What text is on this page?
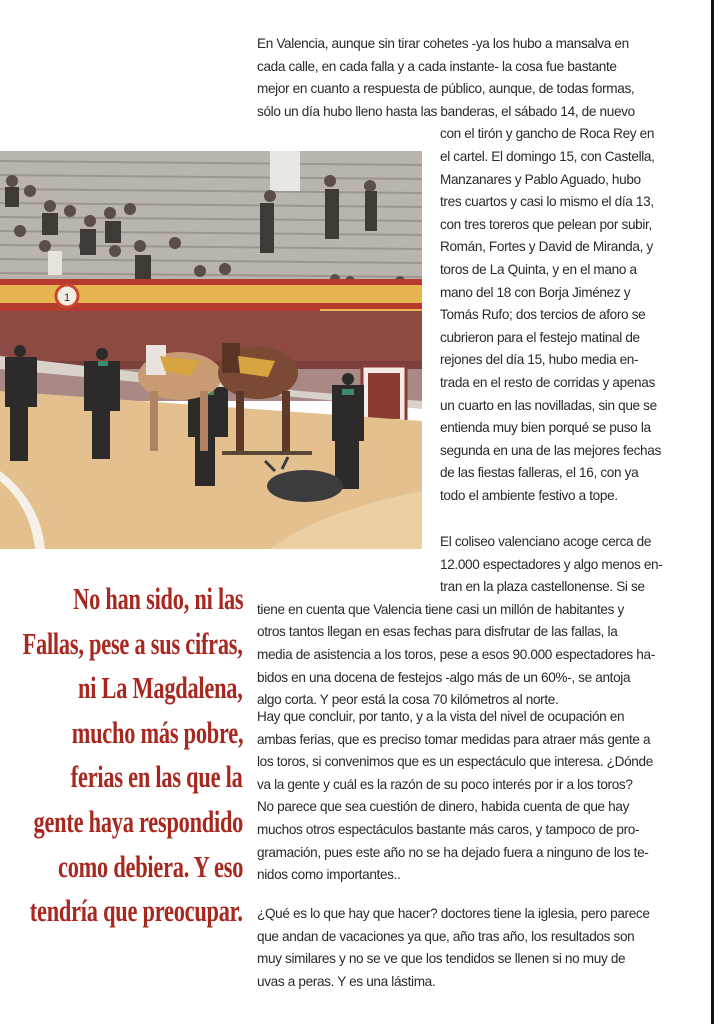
1
En Valencia, aunque sin tirar cohetes -ya los hubo a mansalva en
cada calle, en cada falla y a cada instante- la cosa fue bastante
mejor en cuanto a respuesta de público, aunque, de todas formas,
sólo un día hubo lleno hasta las banderas, el sábado 14, de nuevo
con el tirón y gancho de Roca Rey en
el cartel. El domingo 15, con Castella,
Manzanares y Pablo Aguado, hubo
tres cuartos y casi lo mismo el día 13,
con tres toreros que pelean por subir,
Román, Fortes y David de Miranda, y
toros de La Quinta, y en el mano a
mano del 18 con Borja Jiménez y
Tomás Rufo; dos tercios de aforo se
cubrieron para el festejo matinal de
rejones del día 15, hubo media en-
trada en el resto de corridas y apenas
un cuarto en las novilladas, sin que se
entienda muy bien porqué se puso la
segunda en una de las mejores fechas
de las fiestas falleras, el 16, con ya
todo el ambiente festivo a tope.
El coliseo valenciano acoge cerca de
12.000 espectadores y algo menos en-
tran en la plaza castellonense. Si se
tiene en cuenta que Valencia tiene casi un millón de habitantes y
otros tantos llegan en esas fechas para disfrutar de las fallas, la
media de asistencia a los toros, pese a esos 90.000 espectadores ha-
bidos en una docena de festejos -algo más de un 60%-, se antoja
algo corta. Y peor está la cosa 70 kilómetros al norte.
Hay que concluir, por tanto, y a la vista del nivel de ocupación en
ambas ferias, que es preciso tomar medidas para atraer más gente a
los toros, si convenimos que es un espectáculo que interesa. ¿Dónde
va la gente y cuál es la razón de su poco interés por ir a los toros?
No parece que sea cuestión de dinero, habida cuenta de que hay
muchos otros espectáculos bastante más caros, y tampoco de pro-
gramación, pues este año no se ha dejado fuera a ninguno de los te-
nidos como importantes..
¿Qué es lo que hay que hacer? doctores tiene la iglesia, pero parece
que andan de vacaciones ya que, año tras año, los resultados son
muy similares y no se ve que los tendidos se llenen si no muy de
uvas a peras. Y es una lástima.
No han sido, ni las
Fallas, pese a sus cifras,
ni La Magdalena,
mucho más pobre,
ferias en las que la
gente haya respondido
como debiera. Y eso
tendría que preocupar.
